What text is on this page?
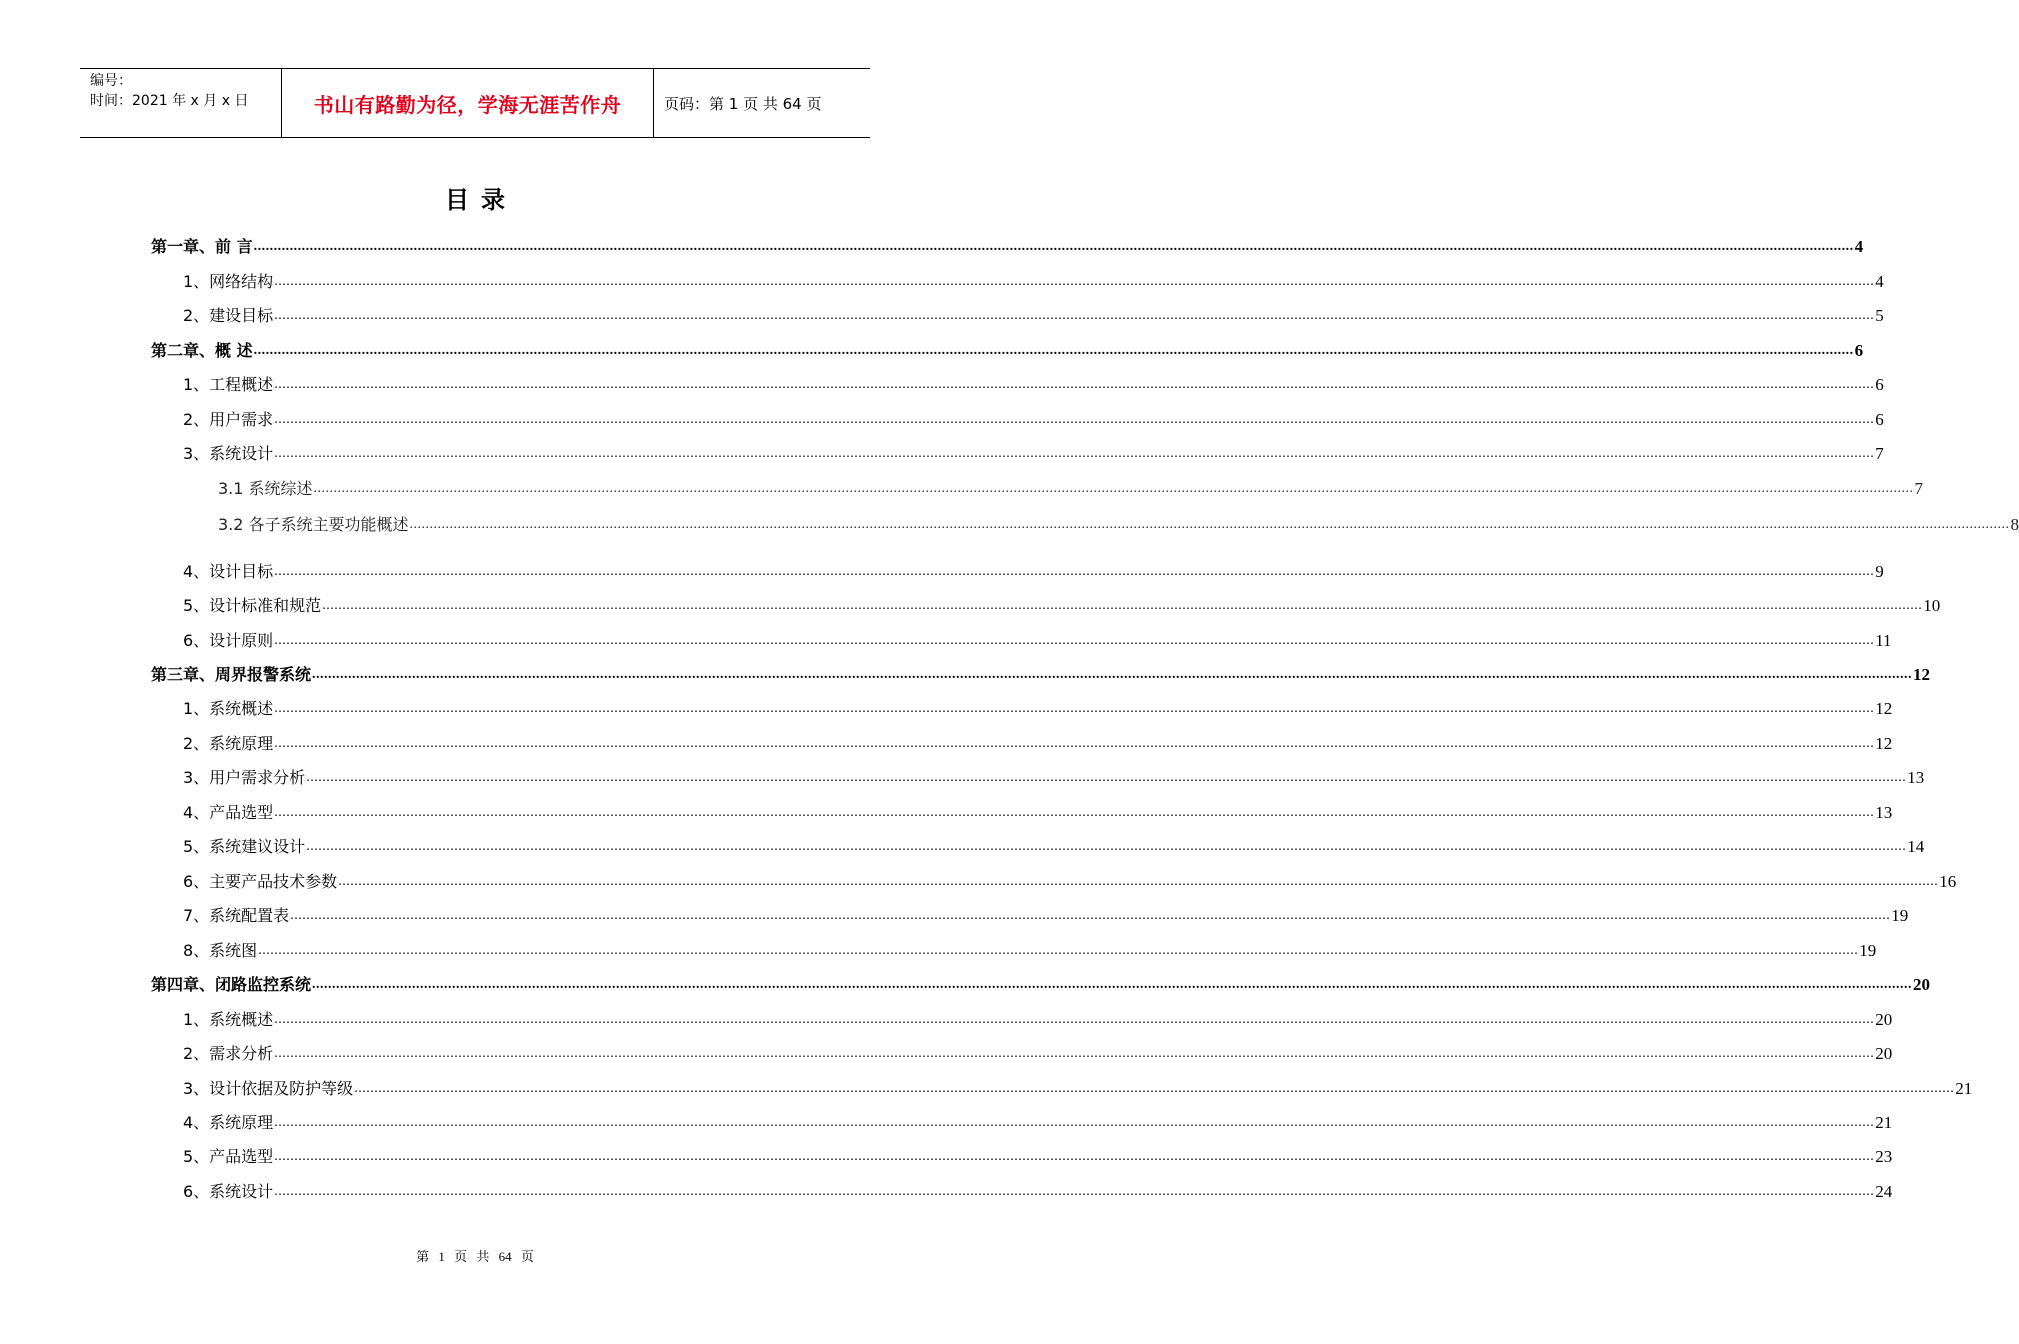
编号：
时间：2021 年 x 月 x 日	书山有路勤为径，学海无涯苦作舟	页码：第 1 页 共 64 页
目录
第一章、前 言 ................................................................................................................................................................................................................................................................................................................................................................................................................ 4
1、网络结构 ................................................................................................................................................................................................................................................................................................................................................................................................................ 4
2、建设目标 ................................................................................................................................................................................................................................................................................................................................................................................................................ 5
第二章、概 述 ................................................................................................................................................................................................................................................................................................................................................................................................................ 6
1、工程概述 ................................................................................................................................................................................................................................................................................................................................................................................................................ 6
2、用户需求 ................................................................................................................................................................................................................................................................................................................................................................................................................ 6
3、系统设计 ................................................................................................................................................................................................................................................................................................................................................................................................................ 7
3.1 系统综述 ................................................................................................................................................................................................................................................................................................................................................................................................................ 7
3.2 各子系统主要功能概述 ................................................................................................................................................................................................................................................................................................................................................................................................................ 8
4、设计目标 ................................................................................................................................................................................................................................................................................................................................................................................................................ 9
5、设计标准和规范 ................................................................................................................................................................................................................................................................................................................................................................................................................ 10
6、设计原则 ................................................................................................................................................................................................................................................................................................................................................................................................................ 11
第三章、周界报警系统 ................................................................................................................................................................................................................................................................................................................................................................................................................ 12
1、系统概述 ................................................................................................................................................................................................................................................................................................................................................................................................................ 12
2、系统原理 ................................................................................................................................................................................................................................................................................................................................................................................................................ 12
3、用户需求分析 ................................................................................................................................................................................................................................................................................................................................................................................................................ 13
4、产品选型 ................................................................................................................................................................................................................................................................................................................................................................................................................ 13
5、系统建议设计 ................................................................................................................................................................................................................................................................................................................................................................................................................ 14
6、主要产品技术参数 ................................................................................................................................................................................................................................................................................................................................................................................................................ 16
7、系统配置表 ................................................................................................................................................................................................................................................................................................................................................................................................................ 19
8、系统图 ................................................................................................................................................................................................................................................................................................................................................................................................................ 19
第四章、闭路监控系统 ................................................................................................................................................................................................................................................................................................................................................................................................................ 20
1、系统概述 ................................................................................................................................................................................................................................................................................................................................................................................................................ 20
2、需求分析 ................................................................................................................................................................................................................................................................................................................................................................................................................ 20
3、设计依据及防护等级 ................................................................................................................................................................................................................................................................................................................................................................................................................ 21
4、系统原理 ................................................................................................................................................................................................................................................................................................................................................................................................................ 21
5、产品选型 ................................................................................................................................................................................................................................................................................................................................................................................................................ 23
6、系统设计 ................................................................................................................................................................................................................................................................................................................................................................................................................ 24
第 1 页 共 64 页
